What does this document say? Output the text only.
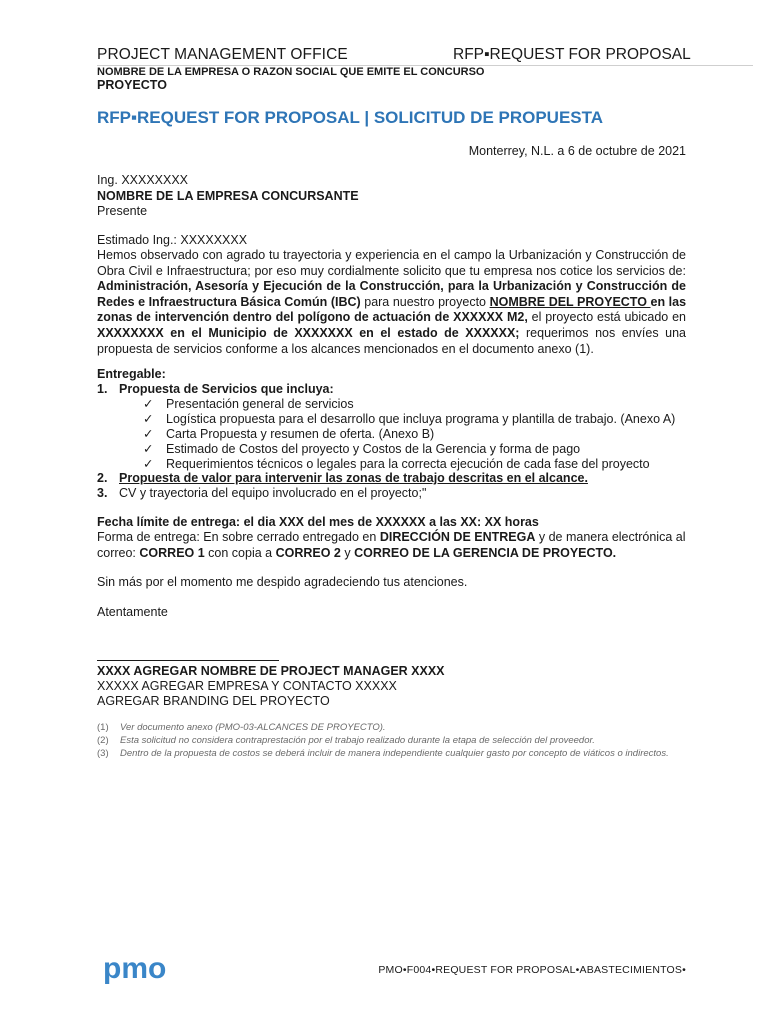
PROJECT MANAGEMENT OFFICE	RFP▪REQUEST FOR PROPOSAL
NOMBRE DE LA EMPRESA O RAZON SOCIAL QUE EMITE EL CONCURSO
PROYECTO
RFP▪REQUEST FOR PROPOSAL | SOLICITUD DE PROPUESTA
Monterrey, N.L. a 6 de octubre de 2021
Ing. XXXXXXXX
NOMBRE DE LA EMPRESA CONCURSANTE
Presente
Estimado Ing.: XXXXXXXX
Hemos observado con agrado tu trayectoria y experiencia en el campo la Urbanización y Construcción de Obra Civil e Infraestructura; por eso muy cordialmente solicito que tu empresa nos cotice los servicios de: Administración, Asesoría y Ejecución de la Construcción, para la Urbanización y Construcción de Redes e Infraestructura Básica Común (IBC) para nuestro proyecto NOMBRE DEL PROYECTO en las zonas de intervención dentro del polígono de actuación de XXXXXX M2, el proyecto está ubicado en XXXXXXXX en el Municipio de XXXXXXX en el estado de XXXXXX; requerimos nos envíes una propuesta de servicios conforme a los alcances mencionados en el documento anexo (1).
Entregable:
1. Propuesta de Servicios que incluya:
✓ Presentación general de servicios
✓ Logística propuesta para el desarrollo que incluya programa y plantilla de trabajo. (Anexo A)
✓ Carta Propuesta y resumen de oferta. (Anexo B)
✓ Estimado de Costos del proyecto y Costos de la Gerencia y forma de pago
✓ Requerimientos técnicos o legales para la correcta ejecución de cada fase del proyecto
2. Propuesta de valor para intervenir las zonas de trabajo descritas en el alcance.
3. CV y trayectoria del equipo involucrado en el proyecto;"
Fecha límite de entrega: el dia XXX del mes de XXXXXX a las XX: XX horas
Forma de entrega: En sobre cerrado entregado en DIRECCIÓN DE ENTREGA y de manera electrónica al correo: CORREO 1 con copia a CORREO 2 y CORREO DE LA GERENCIA DE PROYECTO.
Sin más por el momento me despido agradeciendo tus atenciones.
Atentamente
XXXX AGREGAR NOMBRE DE PROJECT MANAGER XXXX
XXXXX AGREGAR EMPRESA Y CONTACTO XXXXX
AGREGAR BRANDING DEL PROYECTO
(1) Ver documento anexo (PMO-03-ALCANCES DE PROYECTO).
(2) Esta solicitud no considera contraprestación por el trabajo realizado durante la etapa de selección del proveedor.
(3)	Dentro de la propuesta de costos se deberá incluir de manera independiente cualquier gasto por concepto de viáticos o indirectos.
pmo	PMO•F004•REQUEST FOR PROPOSAL•ABASTECIMIENTOS•
